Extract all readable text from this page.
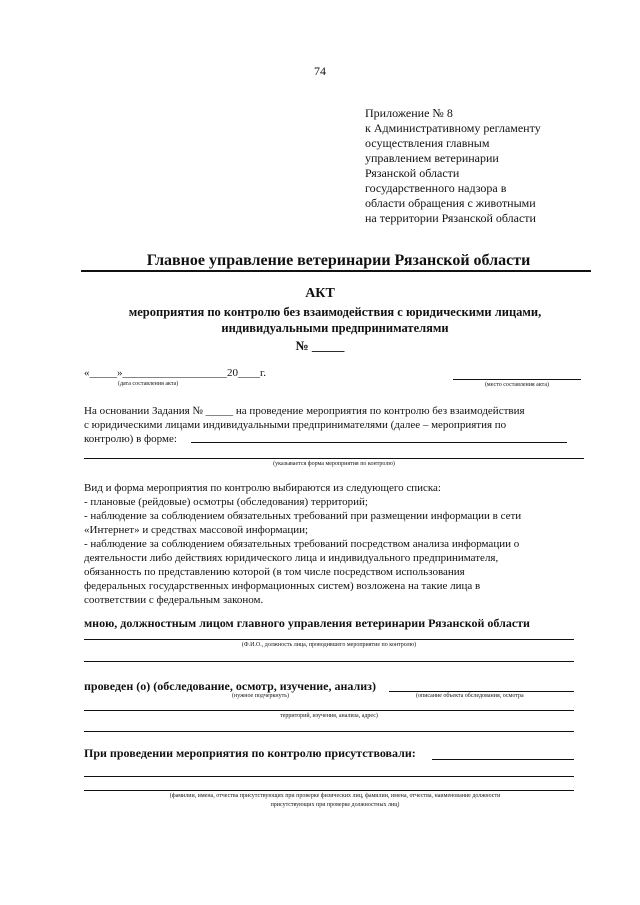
74
Приложение № 8
к Административному регламенту
осуществления главным
управлением ветеринарии
Рязанской области
государственного надзора в
области обращения с животными
на территории Рязанской области
Главное управление ветеринарии Рязанской области
АКТ
мероприятия по контролю без взаимодействия с юридическими лицами,
индивидуальными предпринимателями
№ _____
«_____»___________________20____г.
(дата составления акта)	(место составления акта)
На основании Задания № _____ на проведение мероприятия по контролю без взаимодействия
с юридическими лицами индивидуальными предпринимателями (далее – мероприятия по
контролю) в форме:
(указывается форма мероприятия по контролю)
Вид и форма мероприятия по контролю выбираются из следующего списка:
- плановые (рейдовые) осмотры (обследования) территорий;
- наблюдение за соблюдением обязательных требований при размещении информации в сети
«Интернет» и средствах массовой информации;
- наблюдение за соблюдением обязательных требований посредством анализа информации о
деятельности либо действиях юридического лица и индивидуального предпринимателя,
обязанность по представлению которой (в том числе посредством использования
федеральных государственных информационных систем) возложена на такие лица в
соответствии с федеральным законом.
мною, должностным лицом главного управления ветеринарии Рязанской области
(Ф.И.О., должность лица, проводившего мероприятие по контролю)
проведен (о) (обследование, осмотр, изучение, анализ)
(нужное подчеркнуть)	(описание объекта обследования, осмотра
территорий, изучения, анализа, адрес)
При проведении мероприятия по контролю присутствовали:
(фамилии, имена, отчества присутствующих при проверке физических лиц, фамилии, имена, отчества, наименование должности
присутствующих при проверке должностных лиц)
